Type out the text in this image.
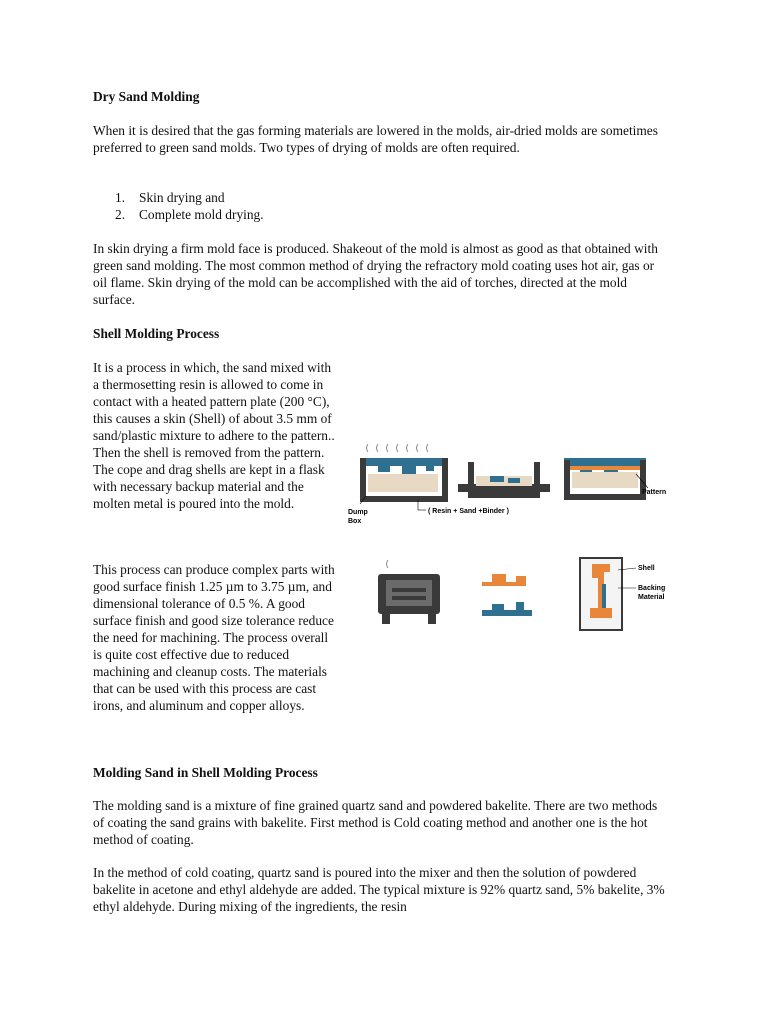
Dry Sand Molding

When it is desired that the gas forming materials are lowered in the molds, air-dried molds are sometimes preferred to green sand molds. Two types of drying of molds are often required.

1. Skin drying and
2. Complete mold drying.

In skin drying a firm mold face is produced. Shakeout of the mold is almost as good as that obtained with green sand molding. The most common method of drying the refractory mold coating uses hot air, gas or oil flame. Skin drying of the mold can be accomplished with the aid of torches, directed at the mold surface.

Shell Molding Process

It is a process in which, the sand mixed with a thermosetting resin is allowed to come in contact with a heated pattern plate (200 °C), this causes a skin (Shell) of about 3.5 mm of sand/plastic mixture to adhere to the pattern.. Then the shell is removed from the pattern. The cope and drag shells are kept in a flask with necessary backup material and the molten metal is poured into the mold.

This process can produce complex parts with good surface finish 1.25 µm to 3.75 µm, and dimensional tolerance of 0.5 %. A good surface finish and good size tolerance reduce the need for machining. The process overall is quite cost effective due to reduced machining and cleanup costs. The materials that can be used with this process are cast irons, and aluminum and copper alloys.

Molding Sand in Shell Molding Process

The molding sand is a mixture of fine grained quartz sand and powdered bakelite. There are two methods of coating the sand grains with bakelite. First method is Cold coating method and another one is the hot method of coating.

In the method of cold coating, quartz sand is poured into the mixer and then the solution of powdered bakelite in acetone and ethyl aldehyde are added. The typical mixture is 92% quartz sand, 5% bakelite, 3% ethyl aldehyde. During mixing of the ingredients, the resin

Dump
Box
( Resin + Sand +Binder )
Pattern
Shell
Backing
Material
